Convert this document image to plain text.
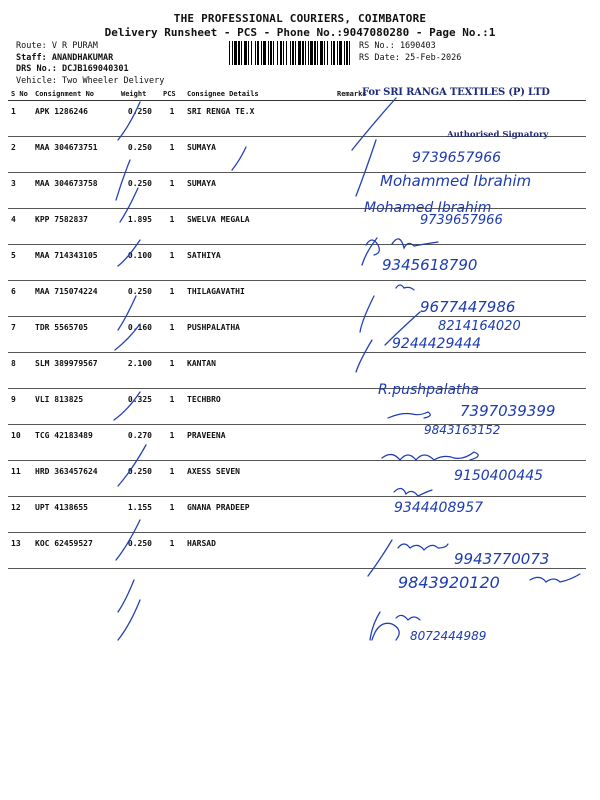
THE PROFESSIONAL COURIERS, COIMBATORE
Delivery Runsheet - PCS - Phone No.:9047080280 - Page No.:1
Route: V R PURAM
Staff: ANANDHAKUMAR
DRS No.: DCJB169040301
Vehicle: Two Wheeler Delivery
RS No.: 1690403
RS Date: 25-Feb-2026
S No	Consignment No	Weight	PCS	Consignee Details	Remarks
1	APK 1286246	0.250	1	SRI RENGA TE.X	
2	MAA 304673751	0.250	1	SUMAYA	
3	MAA 304673758	0.250	1	SUMAYA	
4	KPP 7582837	1.895	1	SWELVA MEGALA	
5	MAA 714343105	0.100	1	SATHIYA	
6	MAA 715074224	0.250	1	THILAGAVATHI	
7	TDR 5565705	0.160	1	PUSHPALATHA	
8	SLM 389979567	2.100	1	KANTAN	
9	VLI 813825	0.325	1	TECHBRO	
10	TCG 42183489	0.270	1	PRAVEENA	
11	HRD 363457624	0.250	1	AXESS SEVEN	
12	UPT 4138655	1.155	1	GNANA PRADEEP	
13	KOC 62459527	0.250	1	HARSAD	
For SRI RANGA TEXTILES (P) LTD
Authorised Signatory
9739657966
Mohammed Ibrahim
Mohamed Ibrahim
9739657966
9345618790
9677447986
8214164020
9244429444
R.pushpalatha
7397039399
9843163152
9150400445
9344408957
9943770073
9843920120
8072444989
